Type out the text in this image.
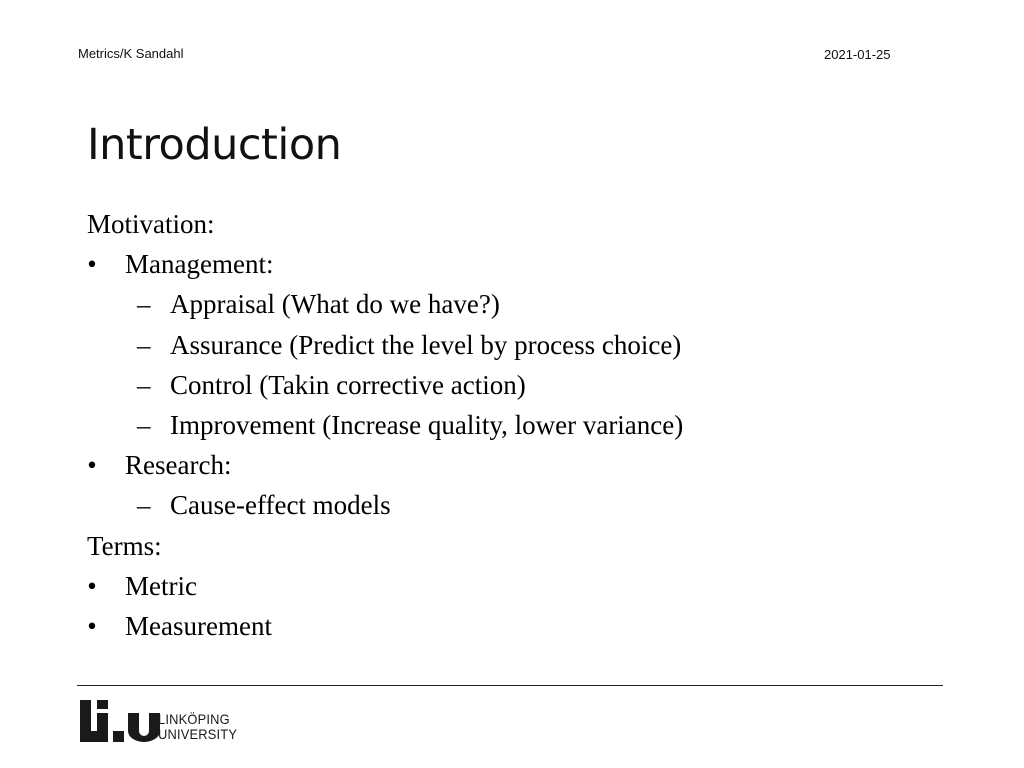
Metrics/K Sandahl	2021-01-25
Introduction
Motivation:
• Management:
– Appraisal (What do we have?)
– Assurance (Predict the level by process choice)
– Control (Takin corrective action)
– Improvement (Increase quality, lower variance)
• Research:
– Cause-effect models
Terms:
• Metric
• Measurement
LINKÖPING
UNIVERSITY
